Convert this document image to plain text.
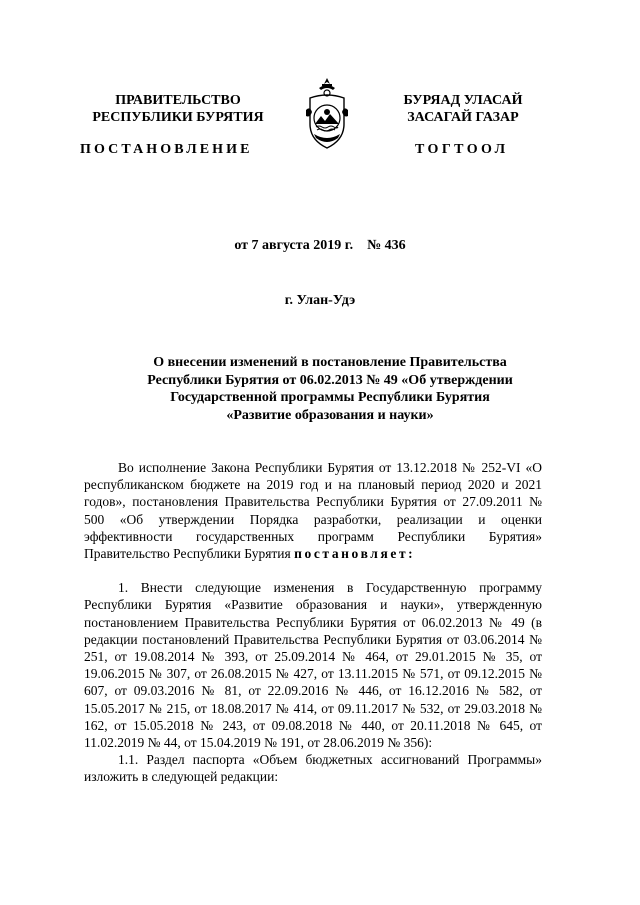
ПРАВИТЕЛЬСТВО
РЕСПУБЛИКИ БУРЯТИЯ
БУРЯАД УЛАСАЙ
ЗАСАГАЙ ГАЗАР
ПОСТАНОВЛЕНИЕ	ТОГТООЛ
от 7 августа 2019 г. № 436
г. Улан-Удэ
О внесении изменений в постановление Правительства
Республики Бурятия от 06.02.2013 № 49 «Об утверждении
Государственной программы Республики Бурятия
«Развитие образования и науки»

Во исполнение Закона Республики Бурятия от 13.12.2018 № 252-VI «О республиканском бюджете на 2019 год и на плановый период 2020 и 2021 годов», постановления Правительства Республики Бурятия от 27.09.2011 № 500 «Об утверждении Порядка разработки, реализации и оценки эффективности государственных программ Республики Бурятия» Правительство Республики Бурятия постановляет:

1. Внести следующие изменения в Государственную программу Республики Бурятия «Развитие образования и науки», утвержденную постановлением Правительства Республики Бурятия от 06.02.2013 № 49 (в редакции постановлений Правительства Республики Бурятия от 03.06.2014 № 251, от 19.08.2014 № 393, от 25.09.2014 № 464, от 29.01.2015 № 35, от 19.06.2015 № 307, от 26.08.2015 № 427, от 13.11.2015 № 571, от 09.12.2015 № 607, от 09.03.2016 № 81, от 22.09.2016 № 446, от 16.12.2016 № 582, от 15.05.2017 № 215, от 18.08.2017 № 414, от 09.11.2017 № 532, от 29.03.2018 № 162, от 15.05.2018 № 243, от 09.08.2018 № 440, от 20.11.2018 № 645, от 11.02.2019 № 44, от 15.04.2019 № 191, от 28.06.2019 № 356):

1.1. Раздел паспорта «Объем бюджетных ассигнований Программы» изложить в следующей редакции:
